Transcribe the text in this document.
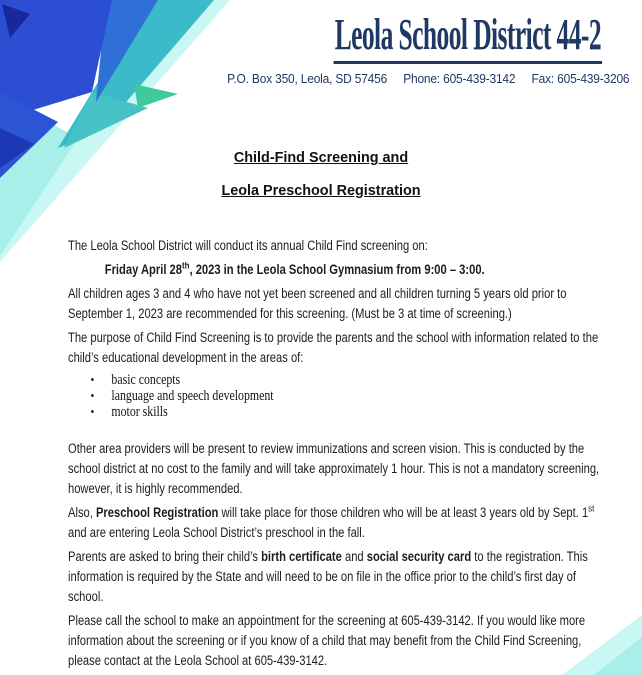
Leola School District 44-2
P.O. Box 350, Leola, SD 57456 Phone: 605-439-3142 Fax: 605-439-3206
Child-Find Screening and
Leola Preschool Registration

The Leola School District will conduct its annual Child Find screening on:

Friday April 28th, 2023 in the Leola School Gymnasium from 9:00 – 3:00.

All children ages 3 and 4 who have not yet been screened and all children turning 5 years old prior to September 1, 2023 are recommended for this screening. (Must be 3 at time of screening.)

The purpose of Child Find Screening is to provide the parents and the school with information related to the child’s educational development in the areas of:

• basic concepts
• language and speech development
• motor skills

Other area providers will be present to review immunizations and screen vision. This is conducted by the school district at no cost to the family and will take approximately 1 hour. This is not a mandatory screening, however, it is highly recommended.

Also, Preschool Registration will take place for those children who will be at least 3 years old by Sept. 1st and are entering Leola School District’s preschool in the fall.

Parents are asked to bring their child’s birth certificate and social security card to the registration. This information is required by the State and will need to be on file in the office prior to the child’s first day of school.

Please call the school to make an appointment for the screening at 605-439-3142. If you would like more information about the screening or if you know of a child that may benefit from the Child Find Screening, please contact at the Leola School at 605-439-3142.
